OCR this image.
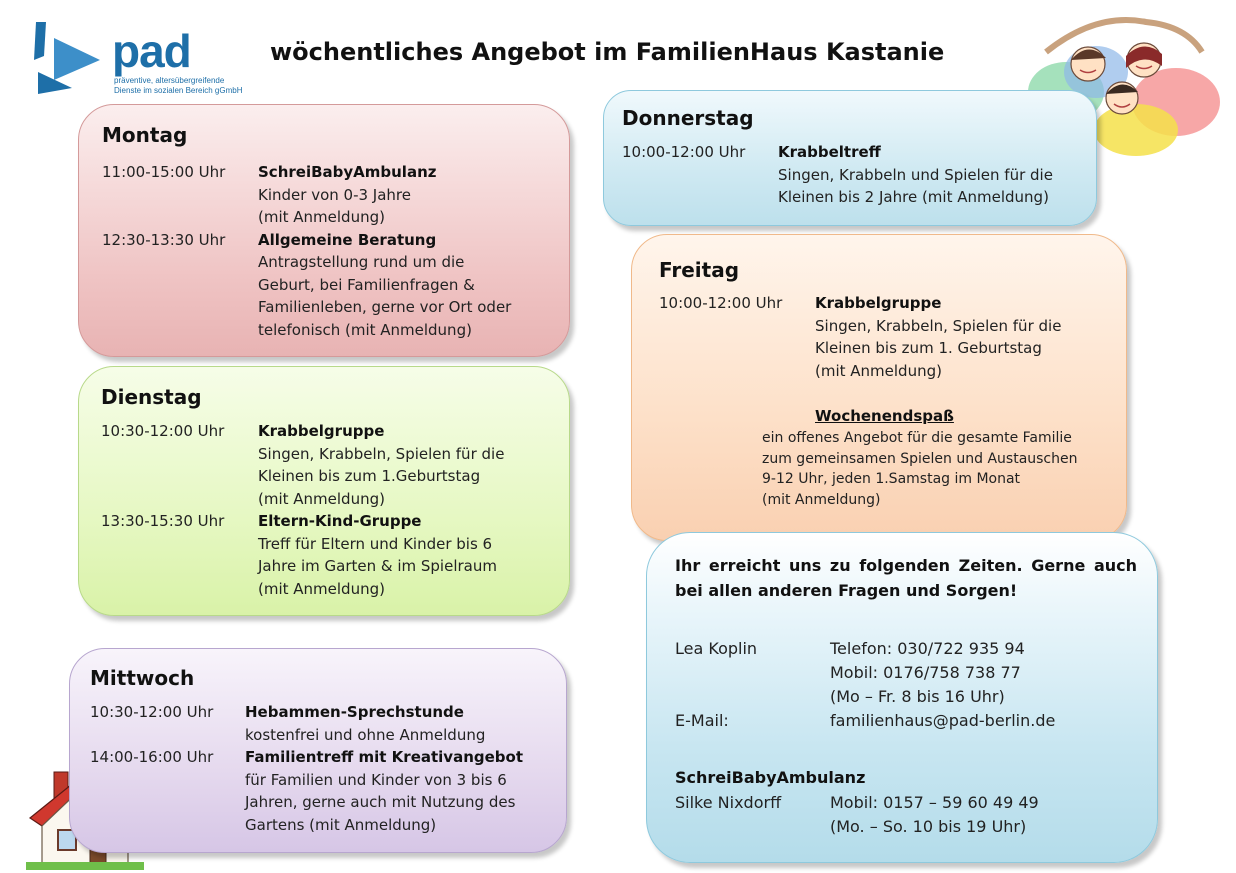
pad
präventive, altersübergreifende
Dienste im sozialen Bereich gGmbH
wöchentliches Angebot im FamilienHaus Kastanie
Montag
11:00-15:00 Uhr	SchreiBabyAmbulanz
Kinder von 0-3 Jahre
(mit Anmeldung)
12:30-13:30 Uhr	Allgemeine Beratung
Antragstellung rund um die
Geburt, bei Familienfragen &
Familienleben, gerne vor Ort oder
telefonisch (mit Anmeldung)
Dienstag
10:30-12:00 Uhr	Krabbelgruppe
Singen, Krabbeln, Spielen für die
Kleinen bis zum 1.Geburtstag
(mit Anmeldung)
13:30-15:30 Uhr	Eltern-Kind-Gruppe
Treff für Eltern und Kinder bis 6
Jahre im Garten & im Spielraum
(mit Anmeldung)
Mittwoch
10:30-12:00 Uhr	Hebammen-Sprechstunde
kostenfrei und ohne Anmeldung
14:00-16:00 Uhr	Familientreff mit Kreativangebot
für Familien und Kinder von 3 bis 6
Jahren, gerne auch mit Nutzung des
Gartens (mit Anmeldung)
Donnerstag
10:00-12:00 Uhr	Krabbeltreff
Singen, Krabbeln und Spielen für die
Kleinen bis 2 Jahre (mit Anmeldung)
Freitag
10:00-12:00 Uhr	Krabbelgruppe
Singen, Krabbeln, Spielen für die
Kleinen bis zum 1. Geburtstag
(mit Anmeldung)
Wochenendspaß
ein offenes Angebot für die gesamte Familie
zum gemeinsamen Spielen und Austauschen
9-12 Uhr, jeden 1.Samstag im Monat
(mit Anmeldung)
Ihr erreicht uns zu folgenden Zeiten. Gerne auch bei allen anderen Fragen und Sorgen!
Lea Koplin	Telefon: 030/722 935 94
Mobil: 0176/758 738 77
(Mo – Fr. 8 bis 16 Uhr)
E-Mail:	familienhaus@pad-berlin.de
SchreiBabyAmbulanz
Silke Nixdorff	Mobil: 0157 – 59 60 49 49
(Mo. – So. 10 bis 19 Uhr)
